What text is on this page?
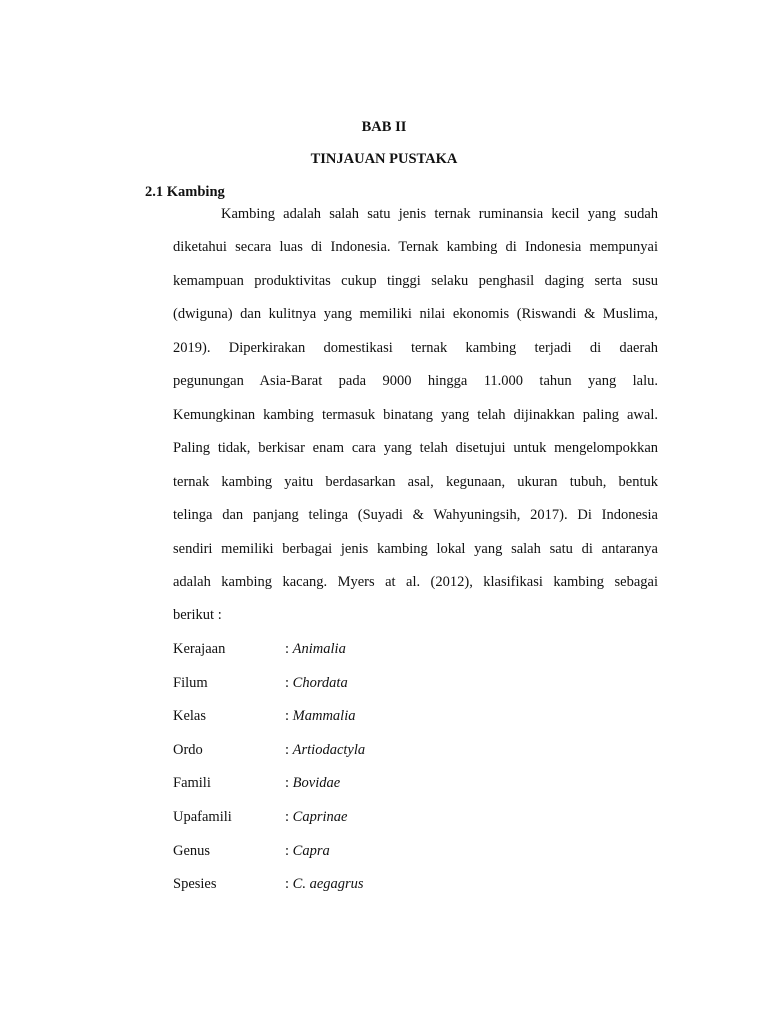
BAB II
TINJAUAN PUSTAKA
2.1 Kambing
Kambing adalah salah satu jenis ternak ruminansia kecil yang sudah
diketahui secara luas di Indonesia. Ternak kambing di Indonesia mempunyai
kemampuan produktivitas cukup tinggi selaku penghasil daging serta susu
(dwiguna) dan kulitnya yang memiliki nilai ekonomis (Riswandi & Muslima,
2019). Diperkirakan domestikasi ternak kambing terjadi di daerah
pegunungan Asia-Barat pada 9000 hingga 11.000 tahun yang lalu.
Kemungkinan kambing termasuk binatang yang telah dijinakkan paling awal.
Paling tidak, berkisar enam cara yang telah disetujui untuk mengelompokkan
ternak kambing yaitu berdasarkan asal, kegunaan, ukuran tubuh, bentuk
telinga dan panjang telinga (Suyadi & Wahyuningsih, 2017). Di Indonesia
sendiri memiliki berbagai jenis kambing lokal yang salah satu di antaranya
adalah kambing kacang. Myers at al. (2012), klasifikasi kambing sebagai
berikut :
Kerajaan	: Animalia
Filum	: Chordata
Kelas	: Mammalia
Ordo	: Artiodactyla
Famili	: Bovidae
Upafamili	: Caprinae
Genus	: Capra
Spesies	: C. aegagrus
